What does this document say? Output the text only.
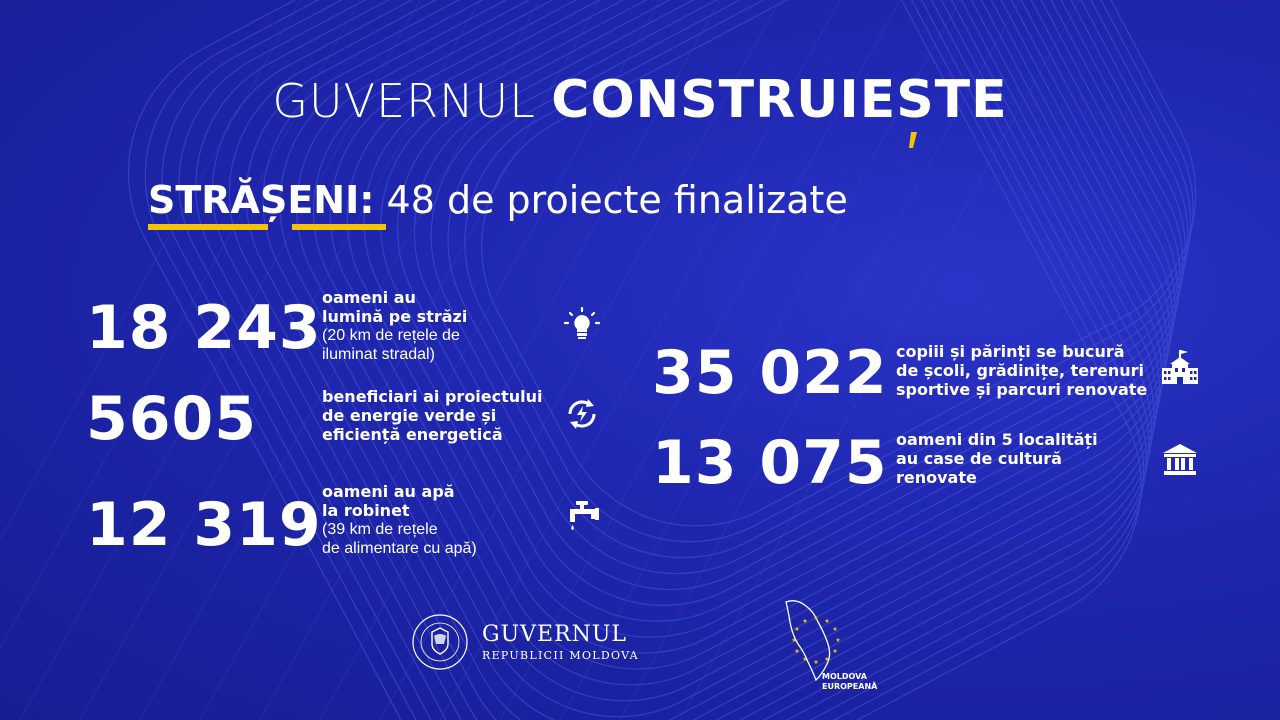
GUVERNUL CONSTRUIESTE
STRĂȘENI: 48 de proiecte finalizate
18 243 oameni au
lumină pe străzi
(20 km de rețele de
iluminat stradal)
5605	beneficiari ai proiectului
de energie verde și
eficiență energetică
12 319 oameni au apă
la robinet
(39 km de rețele
de alimentare cu apă)
35 022 copiii și părinți se bucură
de școli, grădinițe, terenuri
sportive și parcuri renovate
13 075 oameni din 5 localități
au case de cultură
renovate
GUVERNUL
REPUBLICII MOLDOVA
MOLDOVA
EUROPEANĂ
